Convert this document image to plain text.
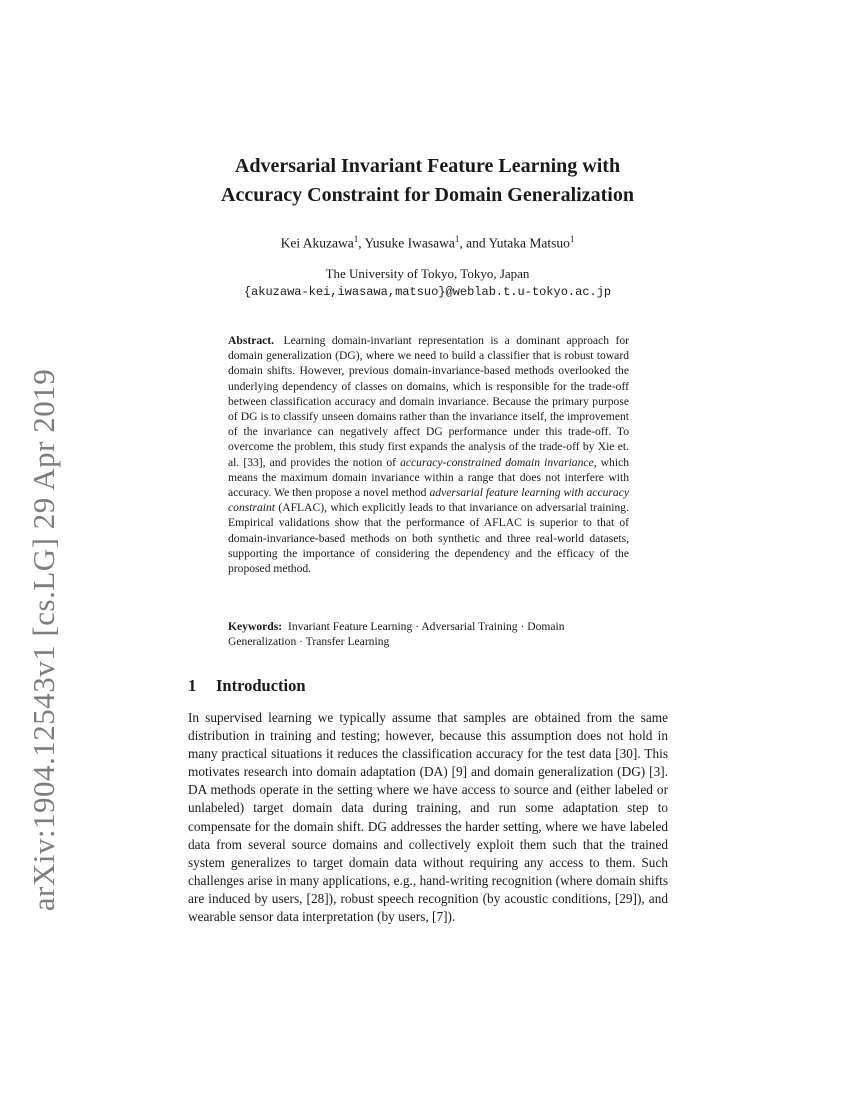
arXiv:1904.12543v1 [cs.LG] 29 Apr 2019
Adversarial Invariant Feature Learning with
Accuracy Constraint for Domain Generalization
Kei Akuzawa$^1$, Yusuke Iwasawa$^1$, and Yutaka Matsuo$^1$
The University of Tokyo, Tokyo, Japan
{akuzawa-kei,iwasawa,matsuo}@weblab.t.u-tokyo.ac.jp
Abstract. Learning domain-invariant representation is a dominant approach for domain generalization (DG), where we need to build a classifier that is robust toward domain shifts. However, previous domain-invariance-based methods overlooked the underlying dependency of classes on domains, which is responsible for the trade-off between classification accuracy and domain invariance. Because the primary purpose of DG is to classify unseen domains rather than the invariance itself, the improvement of the invariance can negatively affect DG performance under this trade-off. To overcome the problem, this study first expands the analysis of the trade-off by Xie et. al. [33], and provides the notion of accuracy-constrained domain invariance, which means the maximum domain invariance within a range that does not interfere with accuracy. We then propose a novel method adversarial feature learning with accuracy constraint (AFLAC), which explicitly leads to that invariance on adversarial training. Empirical validations show that the performance of AFLAC is superior to that of domain-invariance-based methods on both synthetic and three real-world datasets, supporting the importance of considering the dependency and the efficacy of the proposed method.
Keywords: Invariant Feature Learning · Adversarial Training · Domain Generalization · Transfer Learning
1 Introduction
In supervised learning we typically assume that samples are obtained from the same distribution in training and testing; however, because this assumption does not hold in many practical situations it reduces the classification accuracy for the test data [30]. This motivates research into domain adaptation (DA) [9] and domain generalization (DG) [3]. DA methods operate in the setting where we have access to source and (either labeled or unlabeled) target domain data during training, and run some adaptation step to compensate for the domain shift. DG addresses the harder setting, where we have labeled data from several source domains and collectively exploit them such that the trained system generalizes to target domain data without requiring any access to them. Such challenges arise in many applications, e.g., hand-writing recognition (where domain shifts are induced by users, [28]), robust speech recognition (by acoustic conditions, [29]), and wearable sensor data interpretation (by users, [7]).
